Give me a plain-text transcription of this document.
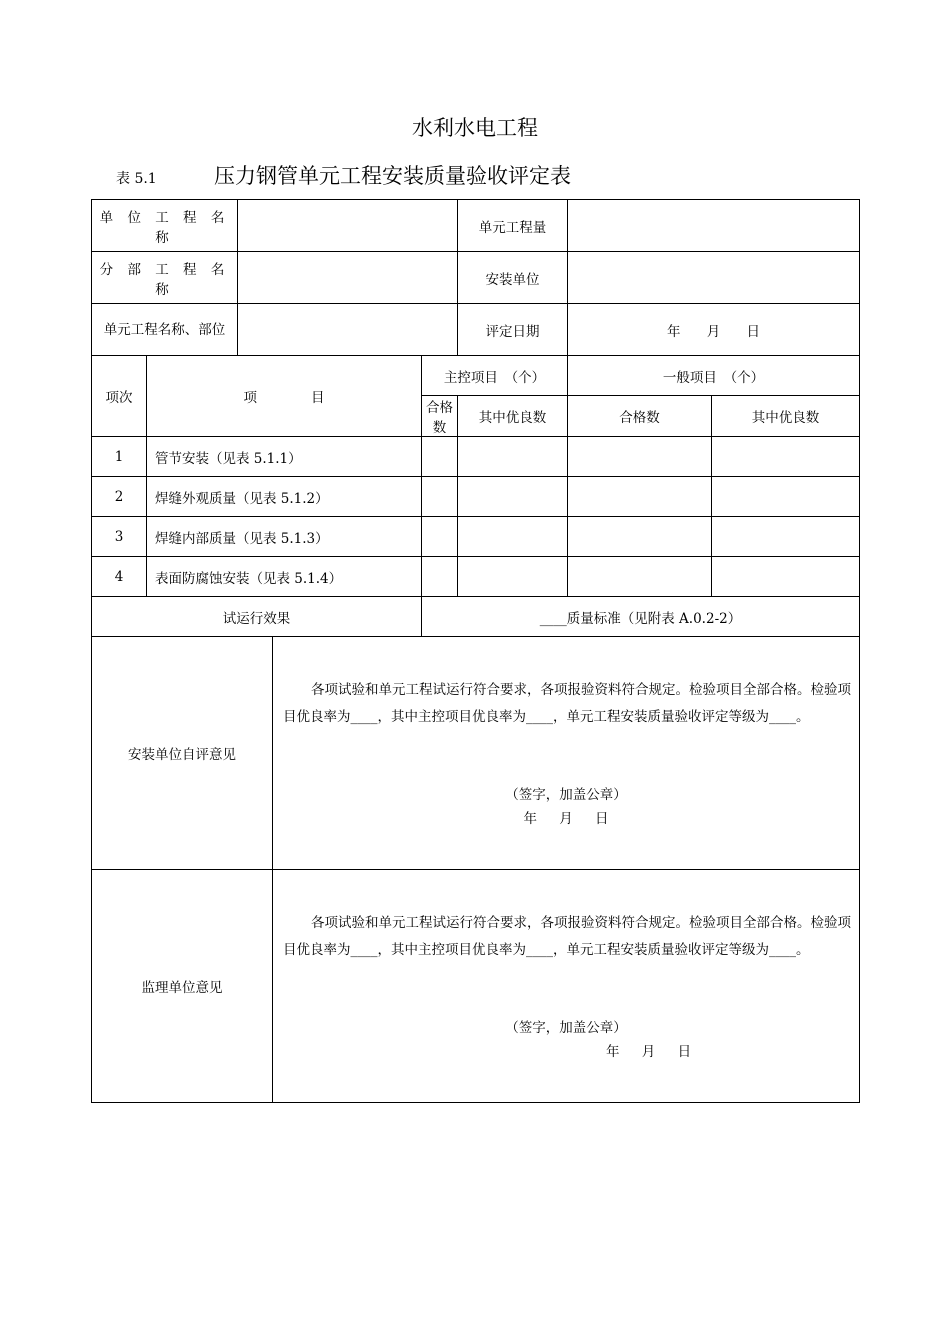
水利水电工程
表 5.1	压力钢管单元工程安装质量验收评定表
单 位 工 程 名 称					单元工程量		
分 部 工 程 名 称					安装单位		
单元工程名称、部位					评定日期	年 月 日	
项次	项　　　　目			主控项目　（个）		一般项目　（个）	
				合格数	其中优良数	合格数	其中优良数
1	管节安装（见表 5.1.1）						
2	焊缝外观质量（见表 5.1.2）						
3	焊缝内部质量（见表 5.1.3）						
4	表面防腐蚀安装（见表 5.1.4）						
试运行效果				____质量标准（见附表 A.0.2-2）			
安装单位自评意见			各项试验和单元工程试运行符合要求，各项报验资料符合规定。检验项目全部合格。检验项目优良率为____，其中主控项目优良率为____，单元工程安装质量验收评定等级为____。
（签字，加盖公章）
年 月 日				

监理单位意见			各项试验和单元工程试运行符合要求，各项报验资料符合规定。检验项目全部合格。检验项目优良率为____，其中主控项目优良率为____，单元工程安装质量验收评定等级为____。
（签字，加盖公章）
年 月 日				
